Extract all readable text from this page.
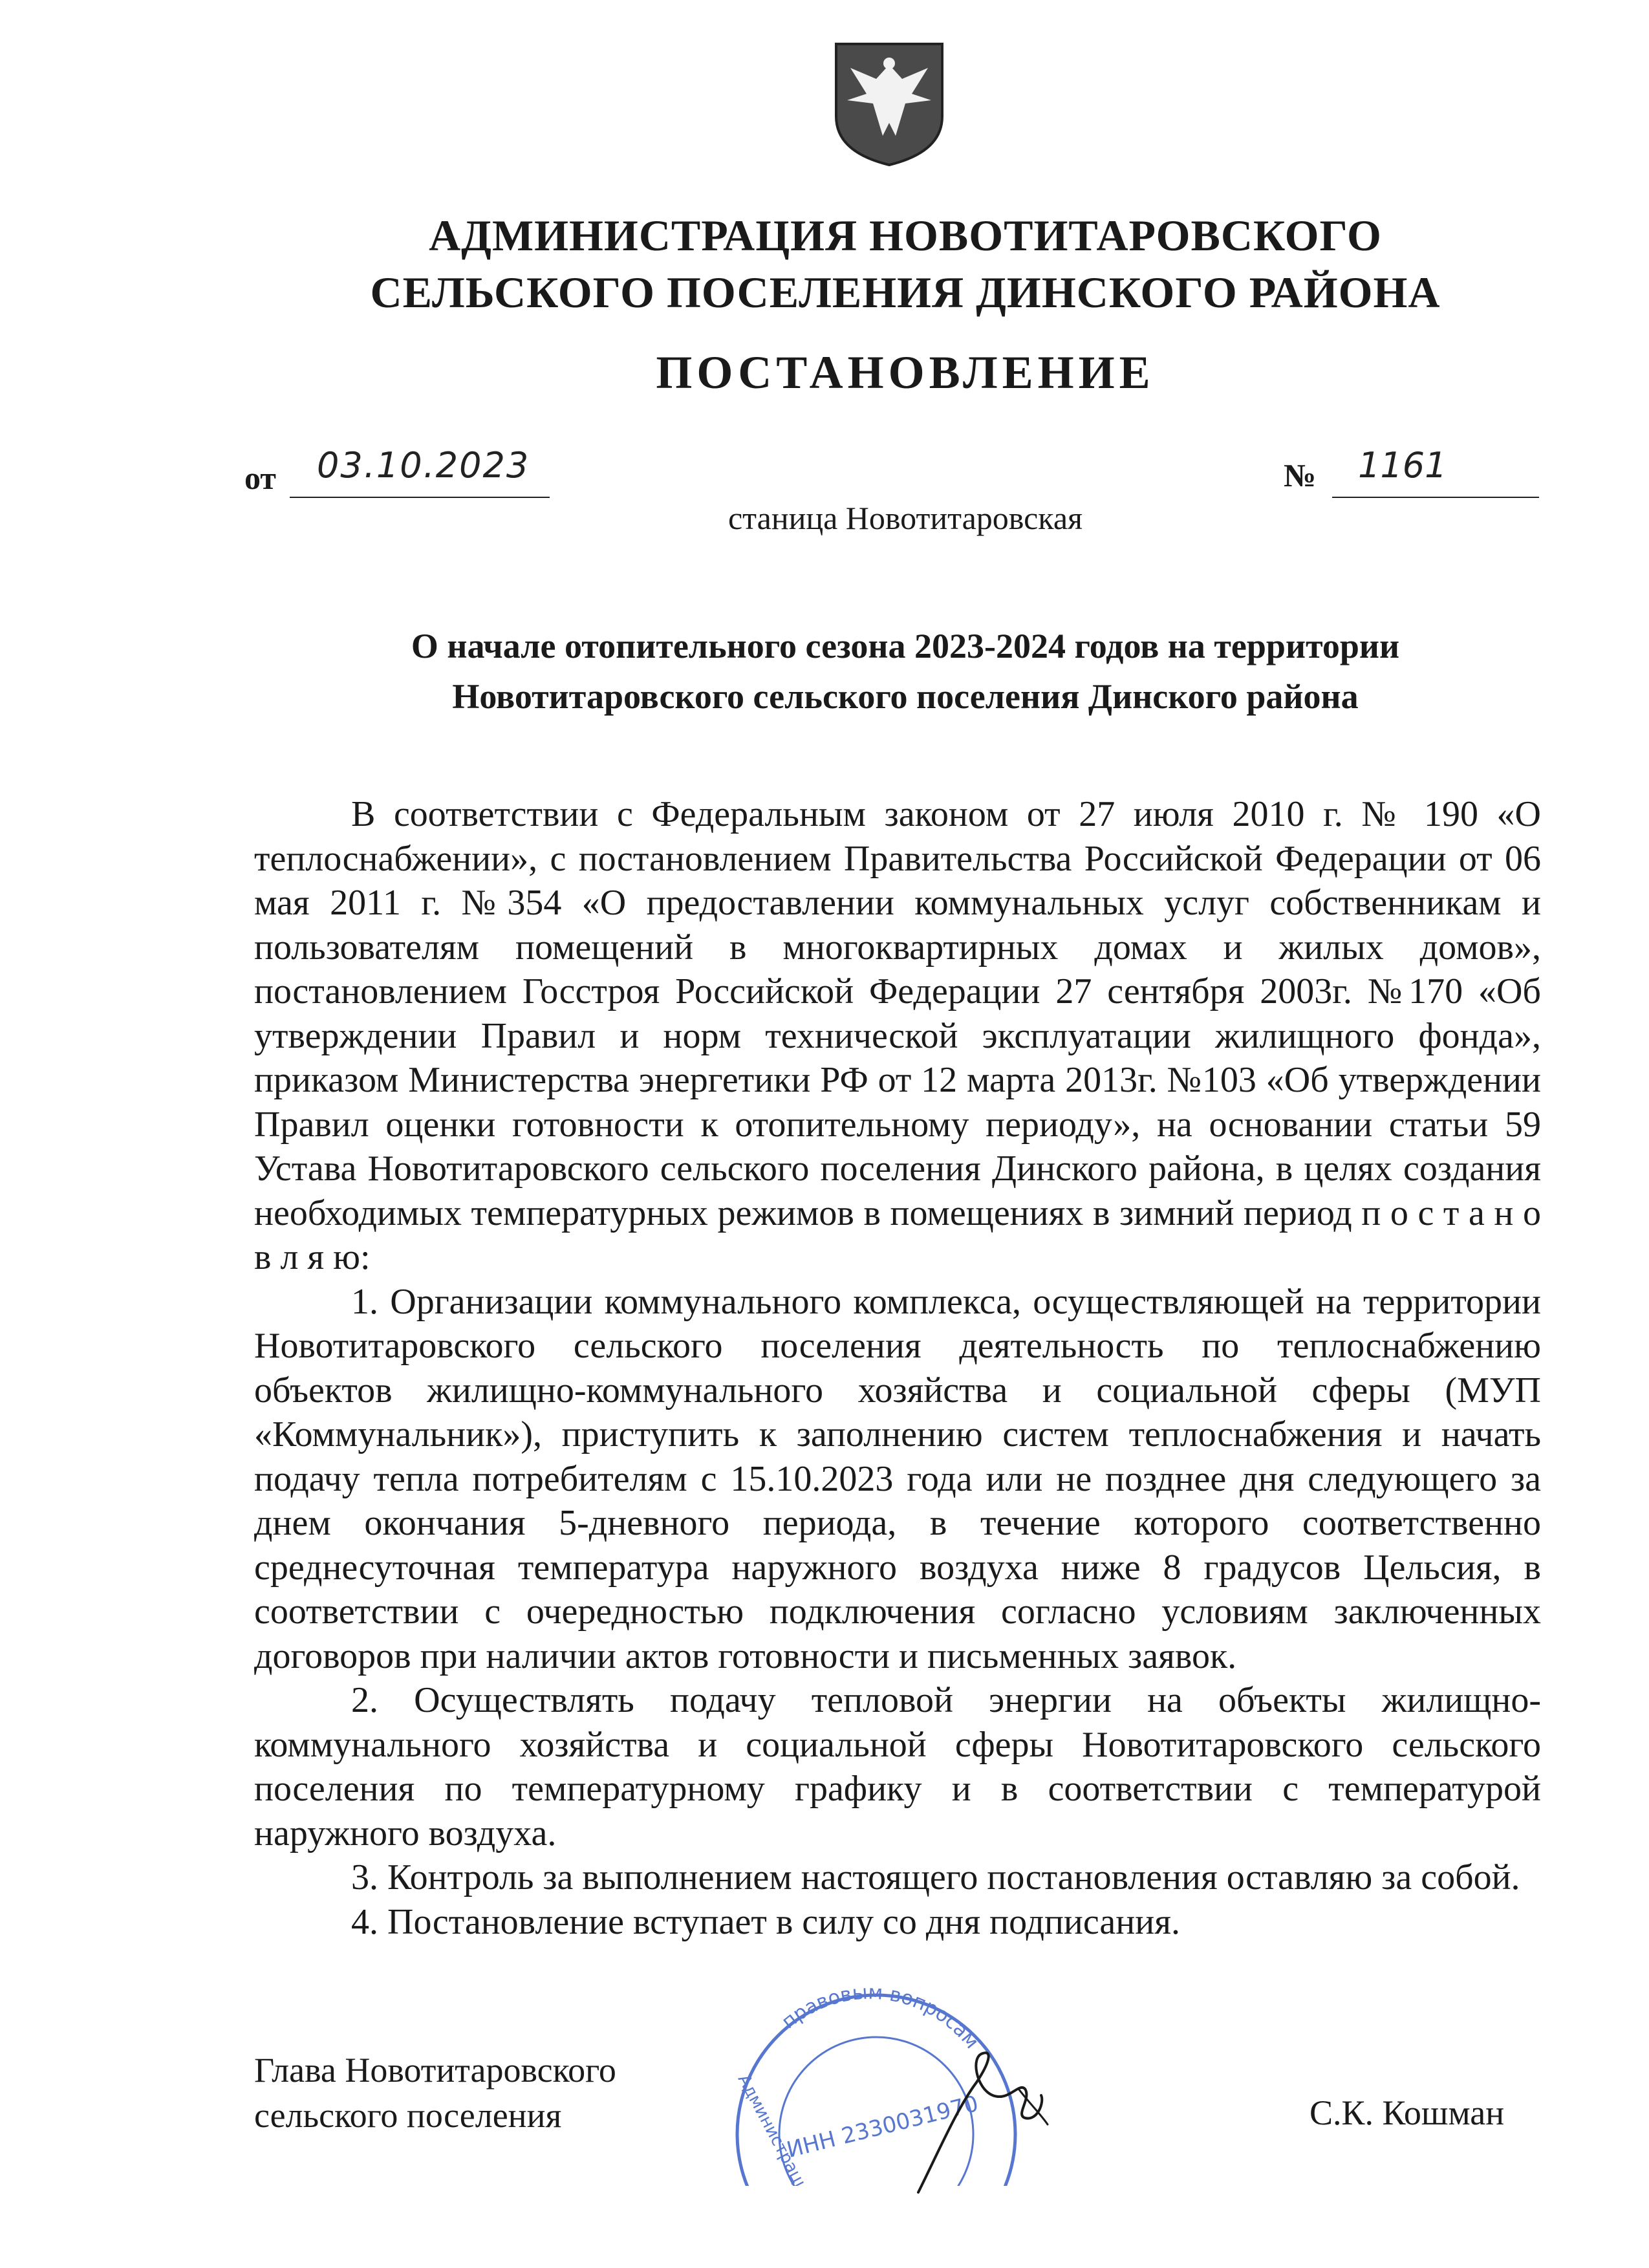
АДМИНИСТРАЦИЯ НОВОТИТАРОВСКОГО
СЕЛЬСКОГО ПОСЕЛЕНИЯ ДИНСКОГО РАЙОНА
ПОСТАНОВЛЕНИЕ
от 03.10.2023	№ 1161
станица Новотитаровская
О начале отопительного сезона 2023-2024 годов на территории
Новотитаровского сельского поселения Динского района

В соответствии с Федеральным законом от 27 июля 2010 г. № 190 «О теплоснабжении», с постановлением Правительства Российской Федерации от 06 мая 2011 г. №354 «О предоставлении коммунальных услуг собственникам и пользователям помещений в многоквартирных домах и жилых домов», постановлением Госстроя Российской Федерации 27 сентября 2003г. №170 «Об утверждении Правил и норм технической эксплуатации жилищного фонда», приказом Министерства энергетики РФ от 12 марта 2013г. №103 «Об утверждении Правил оценки готовности к отопительному периоду», на основании статьи 59 Устава Новотитаровского сельского поселения Динского района, в целях создания необходимых температурных режимов в помещениях в зимний период п о с т а н о в л я ю:

1. Организации коммунального комплекса, осуществляющей на территории Новотитаровского сельского поселения деятельность по теплоснабжению объектов жилищно-коммунального хозяйства и социальной сферы (МУП «Коммунальник»), приступить к заполнению систем теплоснабжения и начать подачу тепла потребителям с 15.10.2023 года или не позднее дня следующего за днем окончания 5-дневного периода, в течение которого соответственно среднесуточная температура наружного воздуха ниже 8 градусов Цельсия, в соответствии с очередностью подключения согласно условиям заключенных договоров при наличии актов готовности и письменных заявок.

2. Осуществлять подачу тепловой энергии на объекты жилищно-коммунального хозяйства и социальной сферы Новотитаровского сельского поселения по температурному графику и в соответствии с температурой наружного воздуха.

3. Контроль за выполнением настоящего постановления оставляю за собой.

4. Постановление вступает в силу со дня подписания.

правовым вопросам
ИНН 2330031970
Администрации
Глава Новотитаровского
сельского поселения	С.К. Кошман
